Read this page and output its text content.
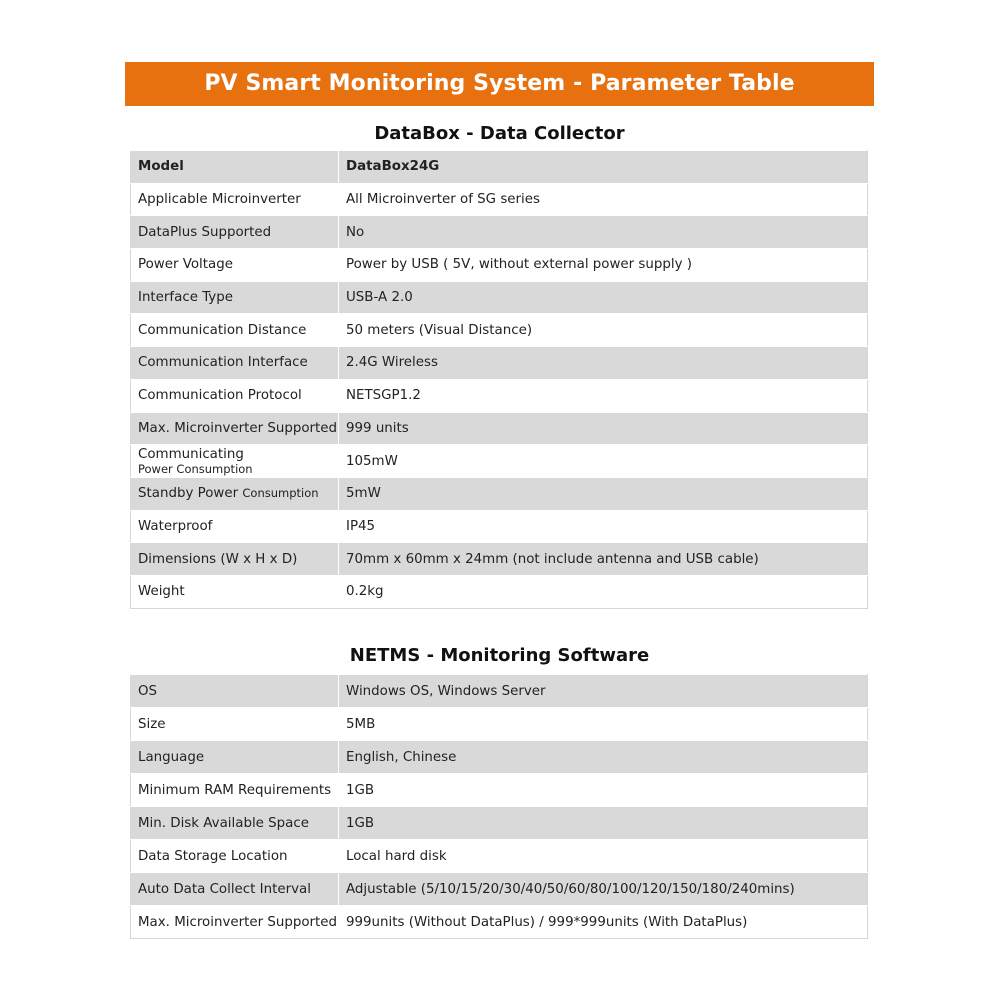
PV Smart Monitoring System - Parameter Table
DataBox - Data Collector
Model	DataBox24G
Applicable Microinverter	All Microinverter of SG series
DataPlus Supported	No
Power Voltage	Power by USB ( 5V, without external power supply )
Interface Type	USB-A 2.0
Communication Distance	50 meters (Visual Distance)
Communication Interface	2.4G Wireless
Communication Protocol	NETSGP1.2
Max. Microinverter Supported	999 units

Communicating
Power Consumption	105mW
Standby Power Consumption	5mW
Waterproof	IP45
Dimensions (W x H x D)	70mm x 60mm x 24mm (not include antenna and USB cable)
Weight	0.2kg
NETMS - Monitoring Software
OS	Windows OS, Windows Server
Size	5MB
Language	English, Chinese
Minimum RAM Requirements	1GB
Min. Disk Available Space	1GB
Data Storage Location	Local hard disk
Auto Data Collect Interval	Adjustable (5/10/15/20/30/40/50/60/80/100/120/150/180/240mins)
Max. Microinverter Supported	999units (Without DataPlus) / 999*999units (With DataPlus)
